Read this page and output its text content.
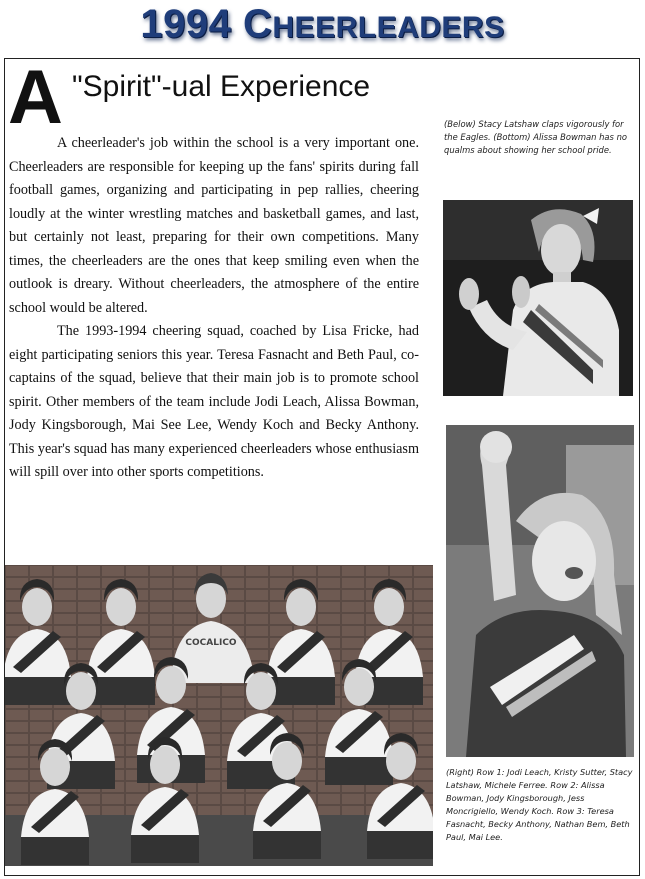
1994 CHEERLEADERS
A "Spirit"-ual Experience

A cheerleader's job within the school is a very important one. Cheerleaders are responsible for keeping up the fans' spirits during fall football games, organizing and participating in pep rallies, cheering loudly at the winter wrestling matches and basketball games, and last, but certainly not least, preparing for their own competitions. Many times, the cheerleaders are the ones that keep smiling even when the outlook is dreary. Without cheerleaders, the atmosphere of the entire school would be altered.

The 1993-1994 cheering squad, coached by Lisa Fricke, had eight participating seniors this year. Teresa Fasnacht and Beth Paul, co-captains of the squad, believe that their main job is to promote school spirit. Other members of the team include Jodi Leach, Alissa Bowman, Jody Kingsborough, Mai See Lee, Wendy Koch and Becky Anthony. This year's squad has many experienced cheerleaders whose enthusiasm will spill over into other sports competitions.

(Below) Stacy Latshaw claps vigorously for the Eagles. (Bottom) Alissa Bowman has no qualms about showing her school pride.
(Right) Row 1: Jodi Leach, Kristy Sutter, Stacy Latshaw, Michele Ferree. Row 2: Alissa Bowman, Jody Kingsborough, Jess Moncrigiello, Wendy Koch. Row 3: Teresa Fasnacht, Becky Anthony, Nathan Bem, Beth Paul, Mai Lee.
COCALICO
